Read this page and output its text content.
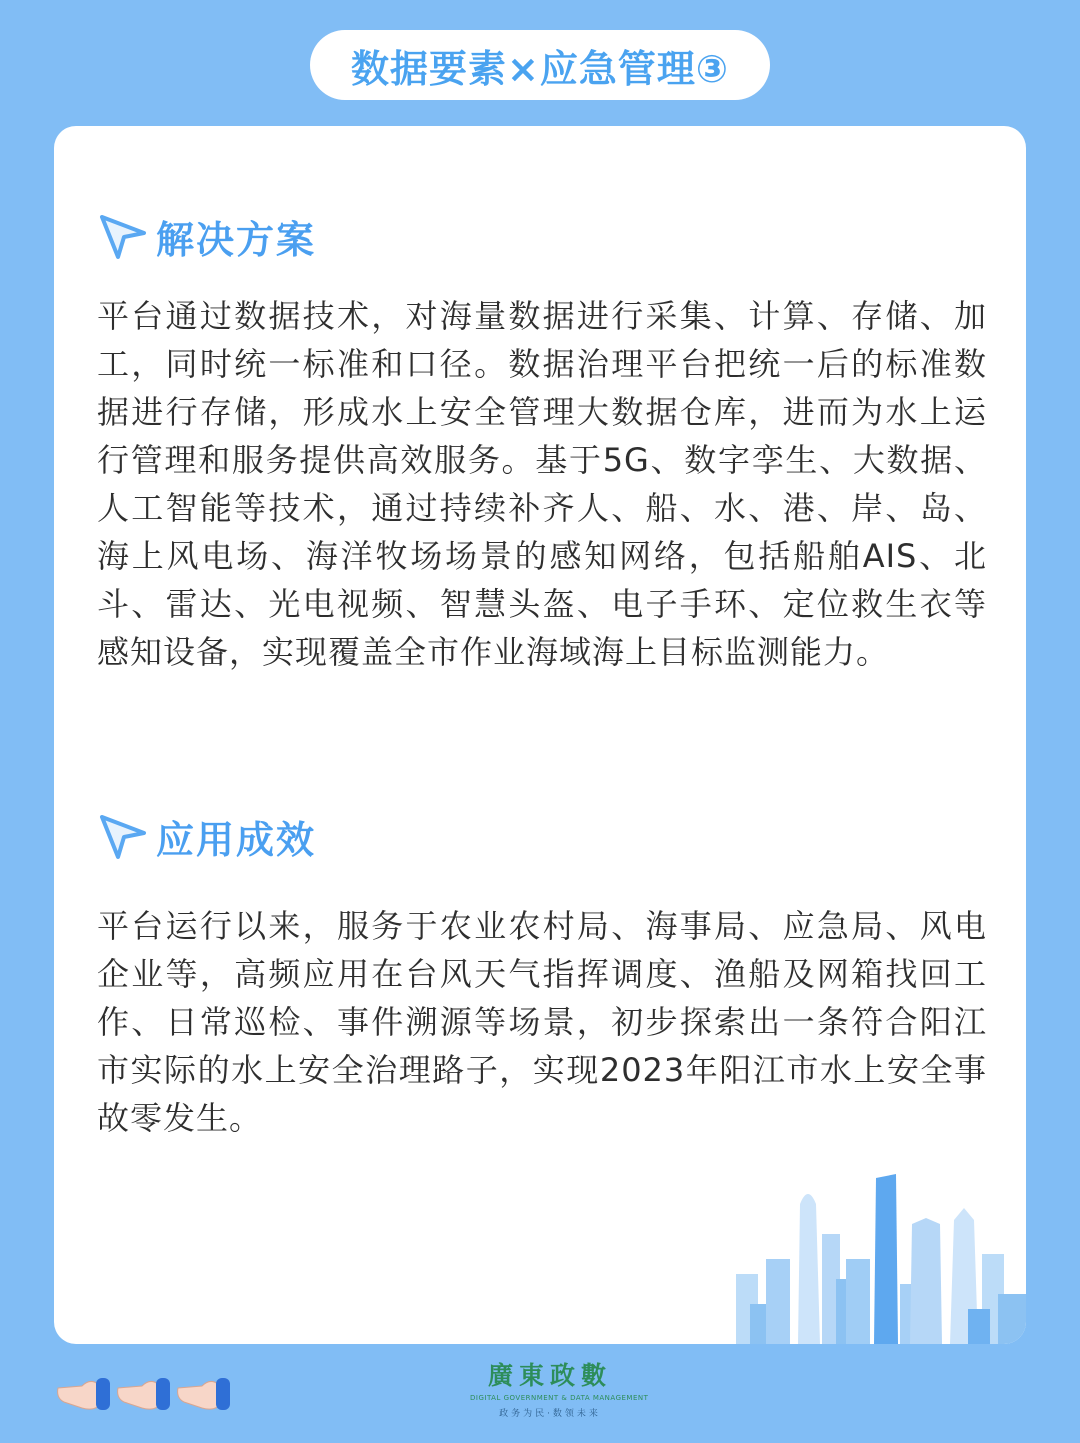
数据要素×应急管理③
解决方案

平台通过数据技术，对海量数据进行采集、计算、存储、加工，同时统一标准和口径。数据治理平台把统一后的标准数据进行存储，形成水上安全管理大数据仓库，进而为水上运行管理和服务提供高效服务。基于5G、数字孪生、大数据、人工智能等技术，通过持续补齐人、船、水、港、岸、岛、海上风电场、海洋牧场场景的感知网络，包括船舶AIS、北斗、雷达、光电视频、智慧头盔、电子手环、定位救生衣等感知设备，实现覆盖全市作业海域海上目标监测能力。

应用成效

平台运行以来，服务于农业农村局、海事局、应急局、风电企业等，高频应用在台风天气指挥调度、渔船及网箱找回工作、日常巡检、事件溯源等场景，初步探索出一条符合阳江市实际的水上安全治理路子，实现2023年阳江市水上安全事故零发生。

廣東政數
DIGITAL GOVERNMENT & DATA MANAGEMENT
政务为民·数领未来
